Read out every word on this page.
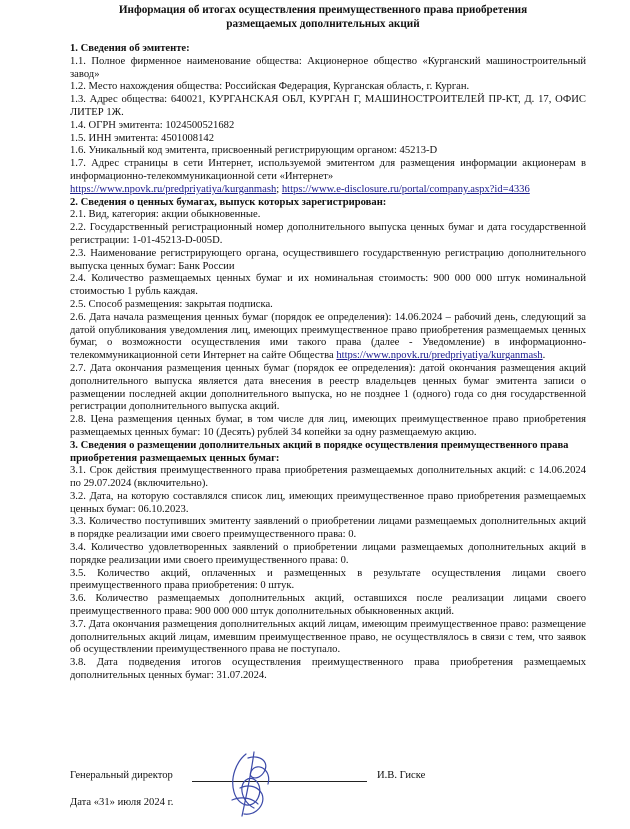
Информация об итогах осуществления преимущественного права приобретения
размещаемых дополнительных акций
1. Сведения об эмитенте:

1.1. Полное фирменное наименование общества: Акционерное общество «Курганский машиностроительный завод»

1.2. Место нахождения общества: Российская Федерация, Курганская область, г. Курган.

1.3. Адрес общества: 640021, КУРГАНСКАЯ ОБЛ, КУРГАН Г, МАШИНОСТРОИТЕЛЕЙ ПР-КТ, Д. 17, ОФИС ЛИТЕР 1Ж.

1.4. ОГРН эмитента: 1024500521682

1.5. ИНН эмитента: 4501008142

1.6. Уникальный код эмитента, присвоенный регистрирующим органом: 45213-D

1.7. Адрес страницы в сети Интернет, используемой эмитентом для размещения информации акционерам в информационно-телекоммуникационной сети «Интернет»

https://www.npovk.ru/predpriyatiya/kurganmash; https://www.e-disclosure.ru/portal/company.aspx?id=4336

2. Сведения о ценных бумагах, выпуск которых зарегистрирован:

2.1. Вид, категория: акции обыкновенные.

2.2. Государственный регистрационный номер дополнительного выпуска ценных бумаг и дата государственной регистрации: 1-01-45213-D-005D.

2.3. Наименование регистрирующего органа, осуществившего государственную регистрацию дополнительного выпуска ценных бумаг: Банк России

2.4. Количество размещаемых ценных бумаг и их номинальная стоимость: 900 000 000 штук номинальной стоимостью 1 рубль каждая.

2.5. Способ размещения: закрытая подписка.

2.6. Дата начала размещения ценных бумаг (порядок ее определения): 14.06.2024 – рабочий день, следующий за датой опубликования уведомления лиц, имеющих преимущественное право приобретения размещаемых ценных бумаг, о возможности осуществления ими такого права (далее - Уведомление) в информационно-телекоммуникационной сети Интернет на сайте Общества https://www.npovk.ru/predpriyatiya/kurganmash.

2.7. Дата окончания размещения ценных бумаг (порядок ее определения): датой окончания размещения акций дополнительного выпуска является дата внесения в реестр владельцев ценных бумаг эмитента записи о размещении последней акции дополнительного выпуска, но не позднее 1 (одного) года со дня государственной регистрации дополнительного выпуска акций.

2.8. Цена размещения ценных бумаг, в том числе для лиц, имеющих преимущественное право приобретения размещаемых ценных бумаг: 10 (Десять) рублей 34 копейки за одну размещаемую акцию.

3. Сведения о размещении дополнительных акций в порядке осуществления преимущественного права приобретения размещаемых ценных бумаг:

3.1. Срок действия преимущественного права приобретения размещаемых дополнительных акций: с 14.06.2024 по 29.07.2024 (включительно).

3.2. Дата, на которую составлялся список лиц, имеющих преимущественное право приобретения размещаемых ценных бумаг: 06.10.2023.

3.3. Количество поступивших эмитенту заявлений о приобретении лицами размещаемых дополнительных акций в порядке реализации ими своего преимущественного права: 0.

3.4. Количество удовлетворенных заявлений о приобретении лицами размещаемых дополнительных акций в порядке реализации ими своего преимущественного права: 0.

3.5. Количество акций, оплаченных и размещенных в результате осуществления лицами своего преимущественного права приобретения: 0 штук.

3.6. Количество размещаемых дополнительных акций, оставшихся после реализации лицами своего преимущественного права: 900 000 000 штук дополнительных обыкновенных акций.

3.7. Дата окончания размещения дополнительных акций лицам, имеющим преимущественное право: размещение дополнительных акций лицам, имевшим преимущественное право, не осуществлялось в связи с тем, что заявок об осуществлении преимущественного права не поступало.

3.8. Дата подведения итогов осуществления преимущественного права приобретения размещаемых дополнительных ценных бумаг: 31.07.2024.

Генеральный директор	И.В. Гиске
Дата «31» июля 2024 г.
